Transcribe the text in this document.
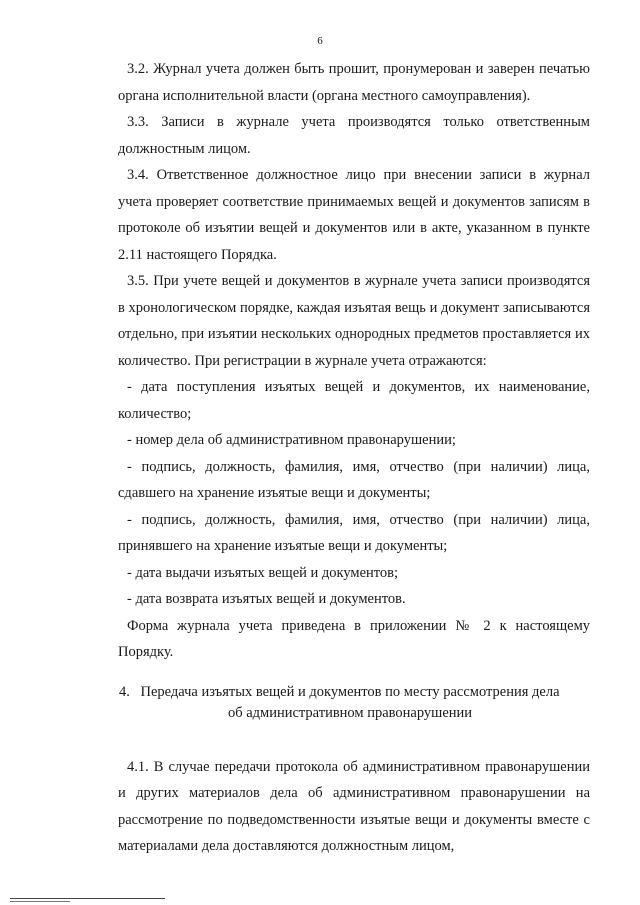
6

3.2. Журнал учета должен быть прошит, пронумерован и заверен печатью органа исполнительной власти (органа местного самоуправления).

3.3. Записи в журнале учета производятся только ответственным должностным лицом.

3.4. Ответственное должностное лицо при внесении записи в журнал учета проверяет соответствие принимаемых вещей и документов записям в протоколе об изъятии вещей и документов или в акте, указанном в пункте 2.11 настоящего Порядка.

3.5. При учете вещей и документов в журнале учета записи производятся в хронологическом порядке, каждая изъятая вещь и документ записываются отдельно, при изъятии нескольких однородных предметов проставляется их количество. При регистрации в журнале учета отражаются:

- дата поступления изъятых вещей и документов, их наименование, количество;

- номер дела об административном правонарушении;

- подпись, должность, фамилия, имя, отчество (при наличии) лица, сдавшего на хранение изъятые вещи и документы;

- подпись, должность, фамилия, имя, отчество (при наличии) лица, принявшего на хранение изъятые вещи и документы;

- дата выдачи изъятых вещей и документов;

- дата возврата изъятых вещей и документов.

Форма журнала учета приведена в приложении № 2 к настоящему Порядку.

4. Передача изъятых вещей и документов по месту рассмотрения дела об административном правонарушении

4.1. В случае передачи протокола об административном правонарушении и других материалов дела об административном правонарушении на рассмотрение по подведомственности изъятые вещи и документы вместе с материалами дела доставляются должностным лицом,
